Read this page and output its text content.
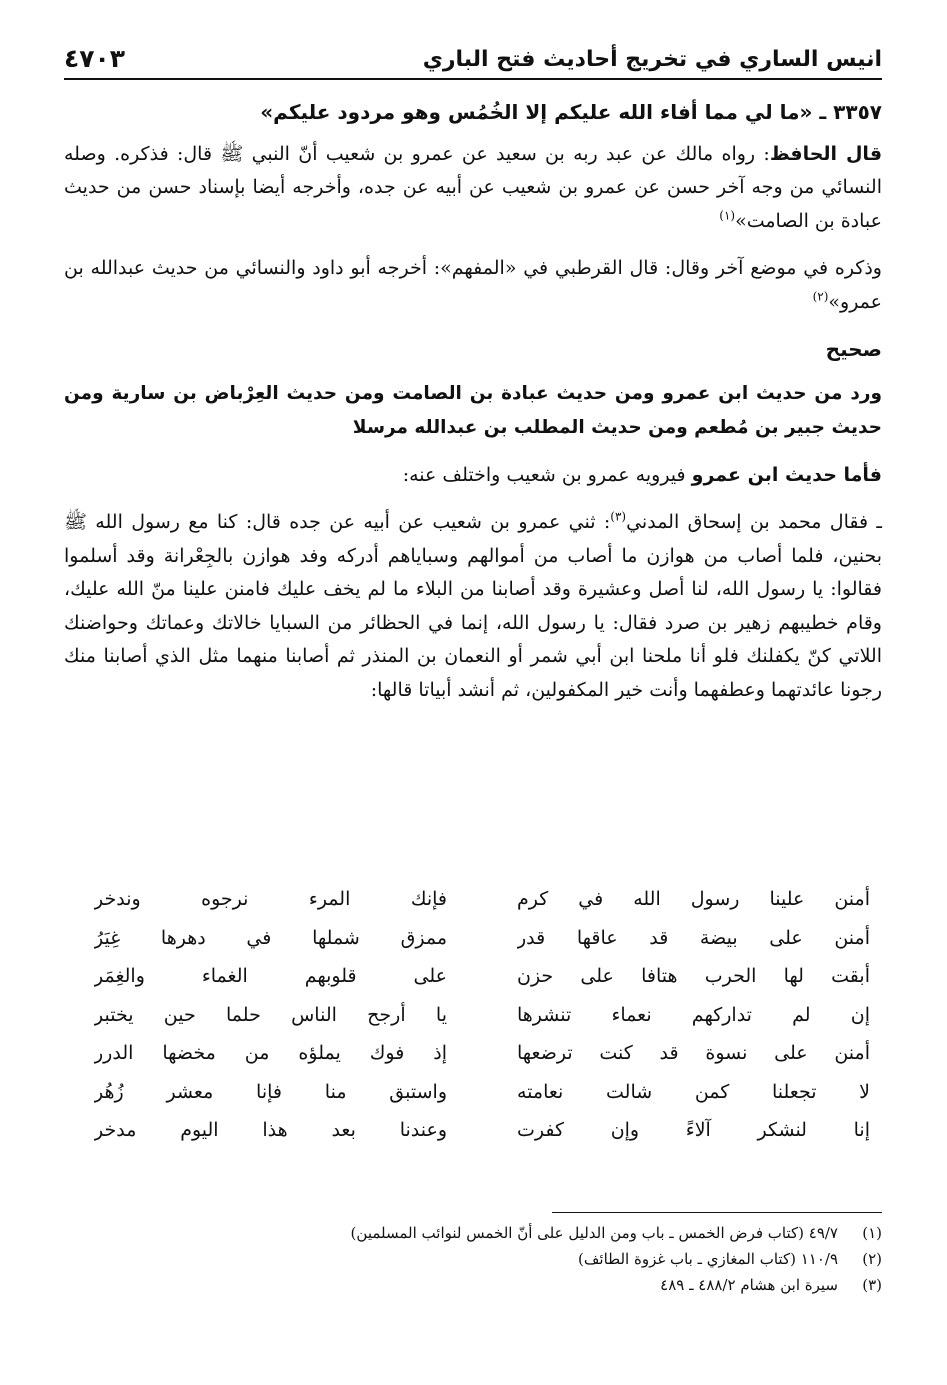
انيس الساري في تخريج أحاديث فتح الباري
٤٧٠٣

٣٣٥٧ ـ «ما لي مما أفاء الله عليكم إلا الخُمُس وهو مردود عليكم»

قال الحافظ: رواه مالك عن عبد ربه بن سعيد عن عمرو بن شعيب أنّ النبي ﷺ قال: فذكره. وصله النسائي من وجه آخر حسن عن عمرو بن شعيب عن أبيه عن جده، وأخرجه أيضا بإسناد حسن من حديث عبادة بن الصامت»$^{(١)}$

وذكره في موضع آخر وقال: قال القرطبي في «المفهم»: أخرجه أبو داود والنسائي من حديث عبدالله بن عمرو»$^{(٢)}$

صحيح

ورد من حديث ابن عمرو ومن حديث عبادة بن الصامت ومن حديث العِرْباض بن سارية ومن حديث جبير بن مُطعم ومن حديث المطلب بن عبدالله مرسلا

فأما حديث ابن عمرو فيرويه عمرو بن شعيب واختلف عنه:

ـ فقال محمد بن إسحاق المدني$^{(٣)}$: ثني عمرو بن شعيب عن أبيه عن جده قال: كنا مع رسول الله ﷺ بحنين، فلما أصاب من هوازن ما أصاب من أموالهم وسباياهم أدركه وفد هوازن بالجِعْرانة وقد أسلموا فقالوا: يا رسول الله، لنا أصل وعشيرة وقد أصابنا من البلاء ما لم يخف عليك فامنن علينا منّ الله عليك، وقام خطيبهم زهير بن صرد فقال: يا رسول الله، إنما في الحظائر من السبايا خالاتك وعماتك وحواضنك اللاتي كنّ يكفلنك فلو أنا ملحنا ابن أبي شمر أو النعمان بن المنذر ثم أصابنا منهما مثل الذي أصابنا منك رجونا عائدتهما وعطفهما وأنت خير المكفولين، ثم أنشد أبياتا قالها:

أمنن علينا رسول الله في كرم
فإنك المرء نرجوه وندخر
أمنن على بيضة قد عاقها قدر
ممزق شملها في دهرها غِيَرُ
أبقت لها الحرب هتافا على حزن
على قلوبهم الغماء والغِمَر
إن لم تداركهم نعماء تنشرها
يا أرجح الناس حلما حين يختبر
أمنن على نسوة قد كنت ترضعها
إذ فوك يملؤه من مخضها الدرر
لا تجعلنا كمن شالت نعامته
واستبق منا فإنا معشر زُهُر
إنا لنشكر آلاءً وإن كفرت
وعندنا بعد هذا اليوم مدخر
(١)
٤٩/٧ (كتاب فرض الخمس ـ باب ومن الدليل على أنّ الخمس لنوائب المسلمين)
(٢)
١١٠/٩ (كتاب المغازي ـ باب غزوة الطائف)
(٣)
سيرة ابن هشام ٤٨٨/٢ ـ ٤٨٩
